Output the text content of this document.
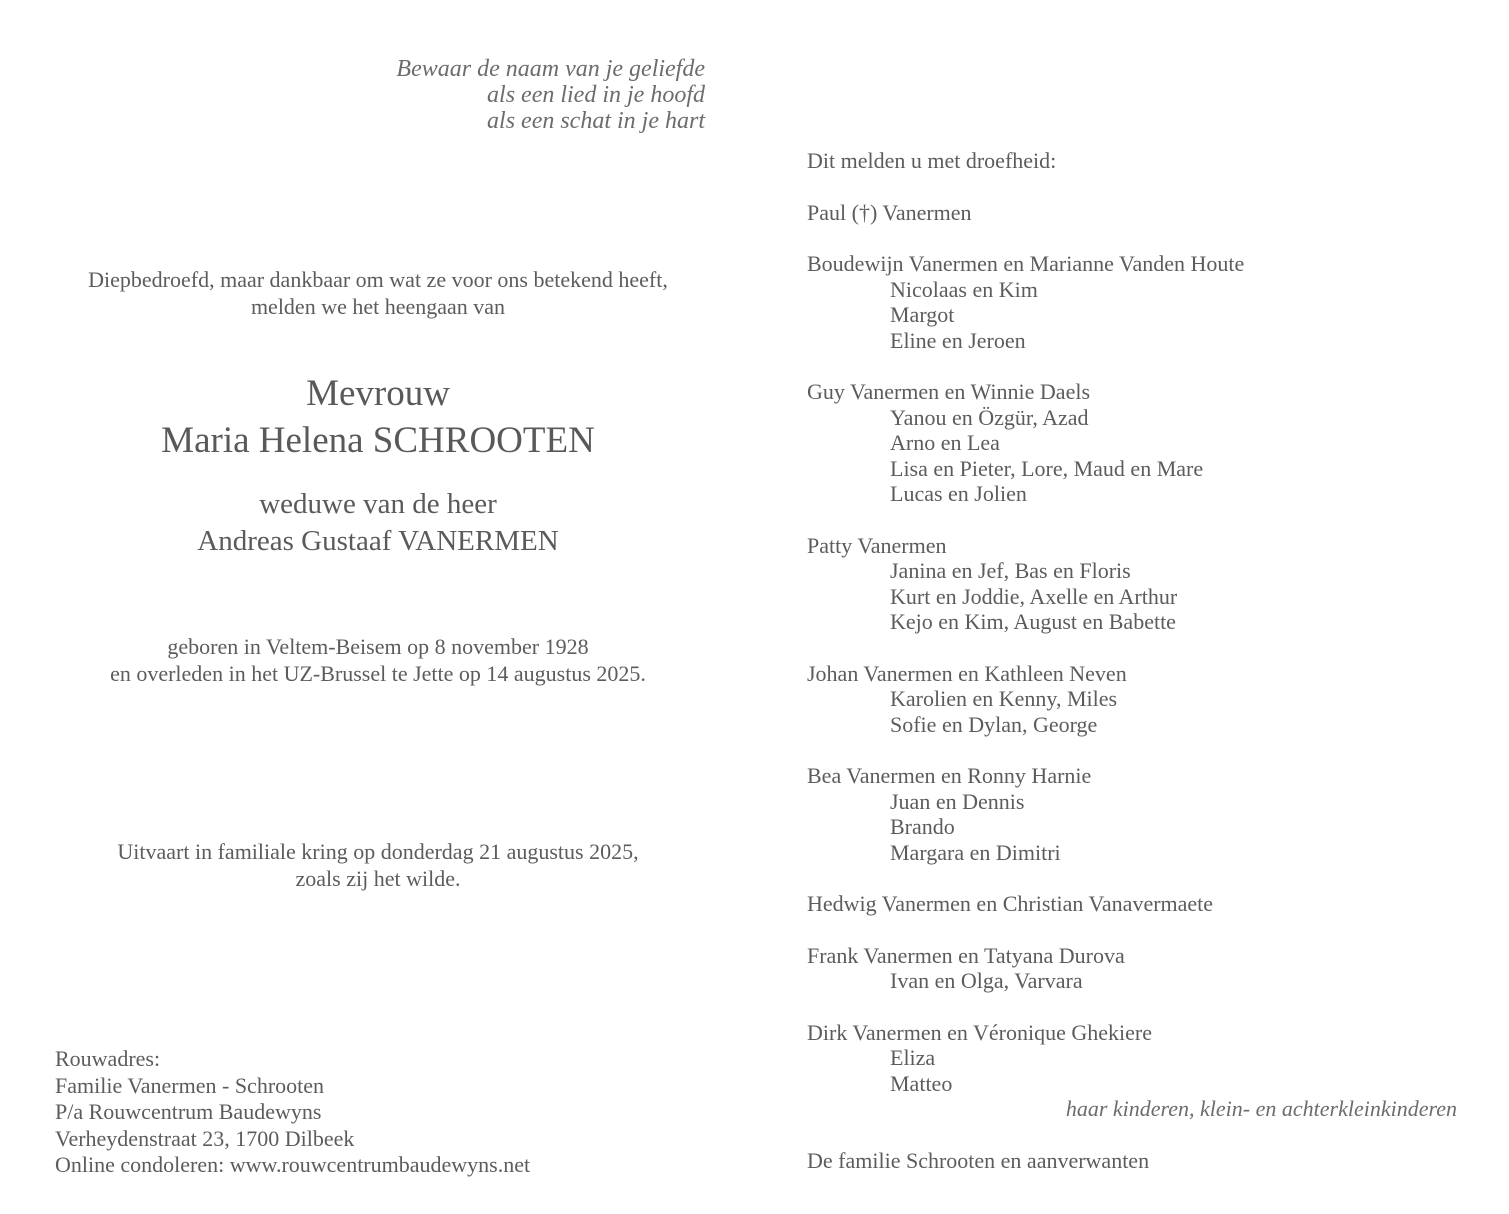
Bewaar de naam van je geliefde
als een lied in je hoofd
als een schat in je hart
Diepbedroefd, maar dankbaar om wat ze voor ons betekend heeft,
melden we het heengaan van
Mevrouw
Maria Helena SCHROOTEN
weduwe van de heer
Andreas Gustaaf VANERMEN
geboren in Veltem-Beisem op 8 november 1928
en overleden in het UZ-Brussel te Jette op 14 augustus 2025.
Uitvaart in familiale kring op donderdag 21 augustus 2025,
zoals zij het wilde.
Rouwadres:
Familie Vanermen - Schrooten
P/a Rouwcentrum Baudewyns
Verheydenstraat 23, 1700 Dilbeek
Online condoleren: www.rouwcentrumbaudewyns.net
Dit melden u met droefheid:
Paul (†) Vanermen
Boudewijn Vanermen en Marianne Vanden Houte
Nicolaas en Kim
Margot
Eline en Jeroen
Guy Vanermen en Winnie Daels
Yanou en Özgür, Azad
Arno en Lea
Lisa en Pieter, Lore, Maud en Mare
Lucas en Jolien
Patty Vanermen
Janina en Jef, Bas en Floris
Kurt en Joddie, Axelle en Arthur
Kejo en Kim, August en Babette
Johan Vanermen en Kathleen Neven
Karolien en Kenny, Miles
Sofie en Dylan, George
Bea Vanermen en Ronny Harnie
Juan en Dennis
Brando
Margara en Dimitri
Hedwig Vanermen en Christian Vanavermaete
Frank Vanermen en Tatyana Durova
Ivan en Olga, Varvara
Dirk Vanermen en Véronique Ghekiere
Eliza
Matteo
haar kinderen, klein- en achterkleinkinderen
De familie Schrooten en aanverwanten
